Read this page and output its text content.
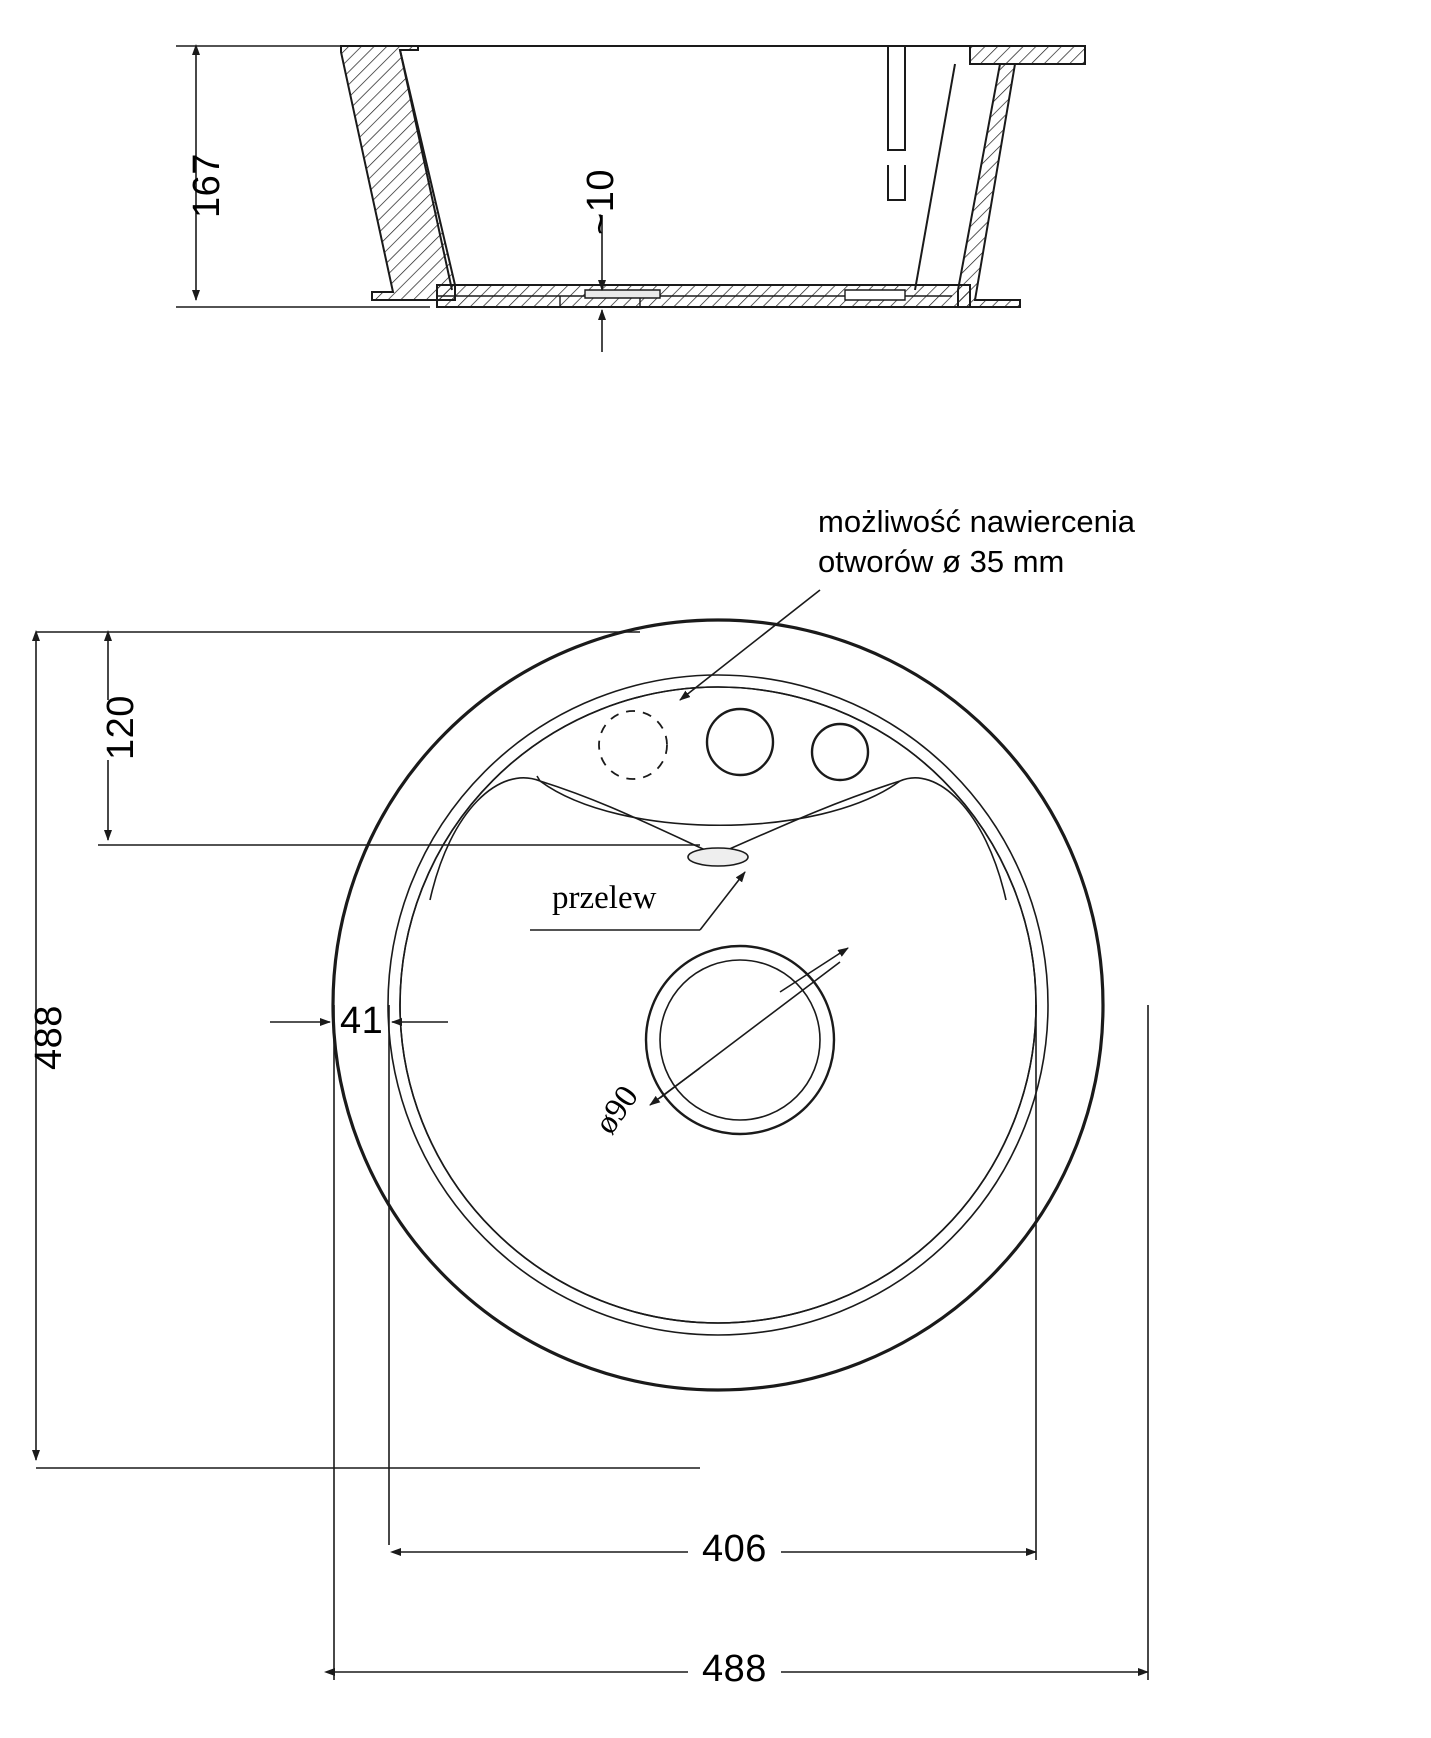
167	~10
możliwość nawiercenia
otworów ø 35 mm
120
488	41
przelew
ø90
406
488
